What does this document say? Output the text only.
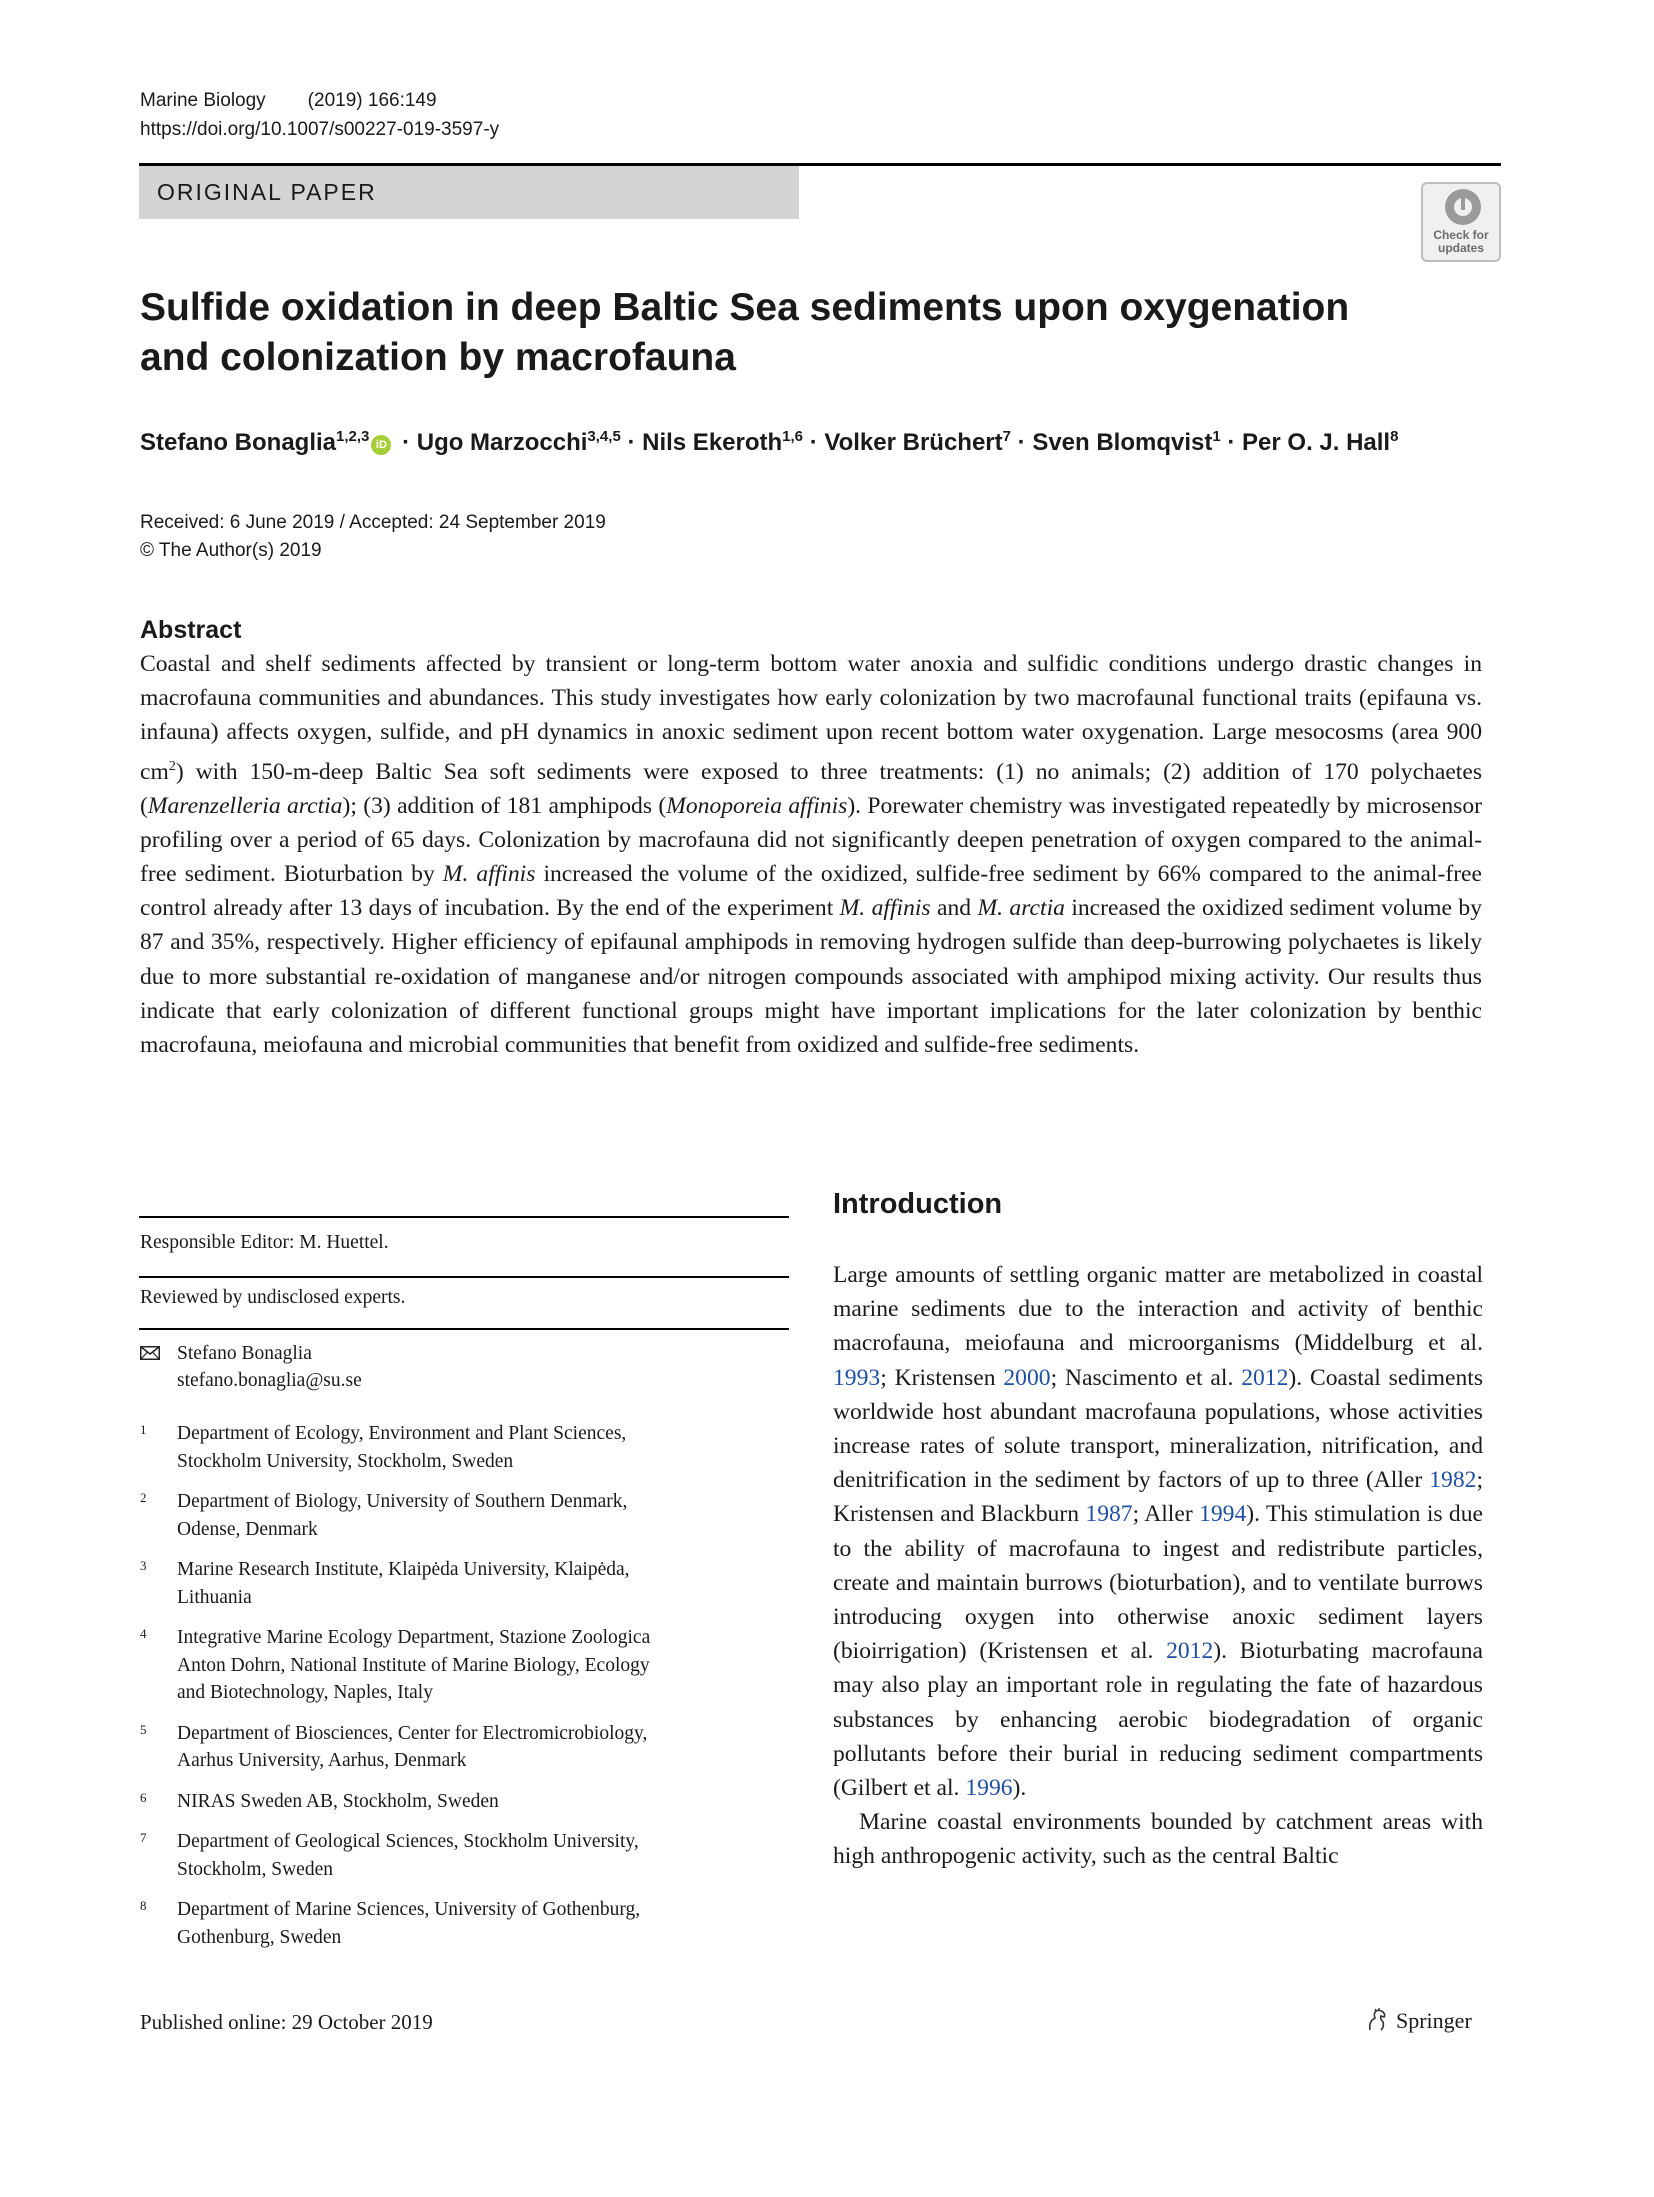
Marine Biology (2019) 166:149
https://doi.org/10.1007/s00227-019-3597-y
ORIGINAL PAPER
Check for
updates
Sulfide oxidation in deep Baltic Sea sediments upon oxygenation
and colonization by macrofauna
Stefano Bonaglia$^{1,2,3}$ iD · Ugo Marzocchi$^{3,4,5}$ · Nils Ekeroth$^{1,6}$ · Volker Brüchert$^7$ · Sven Blomqvist$^1$ · Per O. J. Hall$^8$
Received: 6 June 2019 / Accepted: 24 September 2019
© The Author(s) 2019
Abstract

Coastal and shelf sediments affected by transient or long-term bottom water anoxia and sulfidic conditions undergo drastic changes in macrofauna communities and abundances. This study investigates how early colonization by two macrofaunal functional traits (epifauna vs. infauna) affects oxygen, sulfide, and pH dynamics in anoxic sediment upon recent bottom water oxygenation. Large mesocosms (area 900 $cm^2$) with 150-m-deep Baltic Sea soft sediments were exposed to three treatments: (1) no animals; (2) addition of 170 polychaetes (Marenzelleria arctia); (3) addition of 181 amphipods (Monoporeia affinis). Porewater chemistry was investigated repeatedly by microsensor profiling over a period of 65 days. Colonization by macrofauna did not significantly deepen penetration of oxygen compared to the animal-free sediment. Bioturbation by M. affinis increased the volume of the oxidized, sulfide-free sediment by 66% compared to the animal-free control already after 13 days of incubation. By the end of the experiment M. affinis and M. arctia increased the oxidized sediment volume by 87 and 35%, respectively. Higher efficiency of epifaunal amphipods in removing hydrogen sulfide than deep-burrowing polychaetes is likely due to more substantial re-oxidation of manganese and/or nitrogen compounds associated with amphipod mixing activity. Our results thus indicate that early colonization of different functional groups might have important implications for the later colonization by benthic macrofauna, meiofauna and microbial communities that benefit from oxidized and sulfide-free sediments.

Responsible Editor: M. Huettel.
Reviewed by undisclosed experts.
Stefano Bonaglia
stefano.bonaglia@su.se
1 Department of Ecology, Environment and Plant Sciences,
Stockholm University, Stockholm, Sweden
2 Department of Biology, University of Southern Denmark,
Odense, Denmark
3 Marine Research Institute, Klaipėda University, Klaipėda,
Lithuania
4 Integrative Marine Ecology Department, Stazione Zoologica
Anton Dohrn, National Institute of Marine Biology, Ecology
and Biotechnology, Naples, Italy
5 Department of Biosciences, Center for Electromicrobiology,
Aarhus University, Aarhus, Denmark
6 NIRAS Sweden AB, Stockholm, Sweden
7 Department of Geological Sciences, Stockholm University,
Stockholm, Sweden
8 Department of Marine Sciences, University of Gothenburg,
Gothenburg, Sweden
Introduction

Large amounts of settling organic matter are metabolized in coastal marine sediments due to the interaction and activity of benthic macrofauna, meiofauna and microorganisms (Middelburg et al. 1993; Kristensen 2000; Nascimento et al. 2012). Coastal sediments worldwide host abundant macrofauna populations, whose activities increase rates of solute transport, mineralization, nitrification, and denitrification in the sediment by factors of up to three (Aller 1982; Kristensen and Blackburn 1987; Aller 1994). This stimulation is due to the ability of macrofauna to ingest and redistribute particles, create and maintain burrows (bioturbation), and to ventilate burrows introducing oxygen into otherwise anoxic sediment layers (bioirrigation) (Kristensen et al. 2012). Bioturbating macrofauna may also play an important role in regulating the fate of hazardous substances by enhancing aerobic biodegradation of organic pollutants before their burial in reducing sediment compartments (Gilbert et al. 1996).

Marine coastal environments bounded by catchment areas with high anthropogenic activity, such as the central Baltic

Published online: 29 October 2019	Springer
